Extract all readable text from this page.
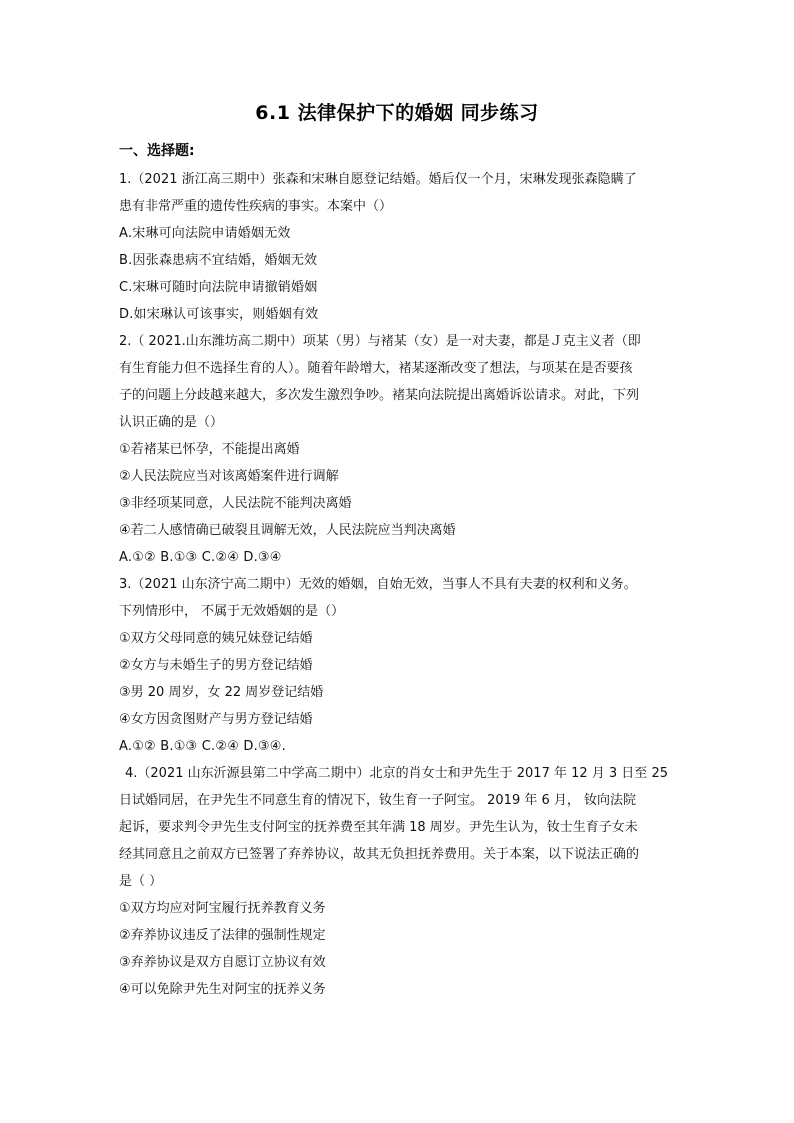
6.1 法律保护下的婚姻 同步练习
一、选择题:
1.（2021 浙江高三期中）张森和宋琳自愿登记结婚。婚后仅一个月，宋琳发现张森隐瞒了
患有非常严重的遗传性疾病的事实。本案中（）
A.宋琳可向法院申请婚姻无效
B.因张森患病不宜结婚，婚姻无效
C.宋琳可随时向法院申请撤销婚姻
D.如宋琳认可该事实，则婚姻有效
2.（ 2021.山东潍坊高二期中）项某（男）与褚某（女）是一对夫妻，都是Ｊ克主义者（即
有生育能力但不选择生育的人）。随着年龄增大，褚某逐渐改变了想法，与项某在是否要孩
子的问题上分歧越来越大，多次发生激烈争吵。褚某向法院提出离婚诉讼请求。对此，下列
认识正确的是（）
①若褚某已怀孕，不能提出离婚
②人民法院应当对该离婚案件进行调解
③非经项某同意，人民法院不能判决离婚
④若二人感情确已破裂且调解无效，人民法院应当判决离婚
A.①② B.①③ C.②④ D.③④
3.（2021 山东济宁高二期中）无效的婚姻，自始无效，当事人不具有夫妻的权利和义务。
下列情形中， 不属于无效婚姻的是（）
①双方父母同意的姨兄妹登记结婚
②女方与未婚生子的男方登记结婚
③男 20 周岁，女 22 周岁登记结婚
④女方因贪图财产与男方登记结婚
A.①② B.①③ C.②④ D.③④.
4.（2021 山东沂源县第二中学高二期中）北京的肖女士和尹先生于 2017 年 12 月 3 日至 25
日试婚同居，在尹先生不同意生育的情况下，钕生育一子阿宝。 2019 年 6 月， 钕向法院
起诉，要求判令尹先生支付阿宝的抚养费至其年满 18 周岁。尹先生认为，钕士生育子女未
经其同意且之前双方已签署了弃养协议，故其无负担抚养费用。关于本案，以下说法正确的
是（ ）
①双方均应对阿宝履行抚养教育义务
②弃养协议违反了法律的强制性规定
③弃养协议是双方自愿订立协议有效
④可以免除尹先生对阿宝的抚养义务
